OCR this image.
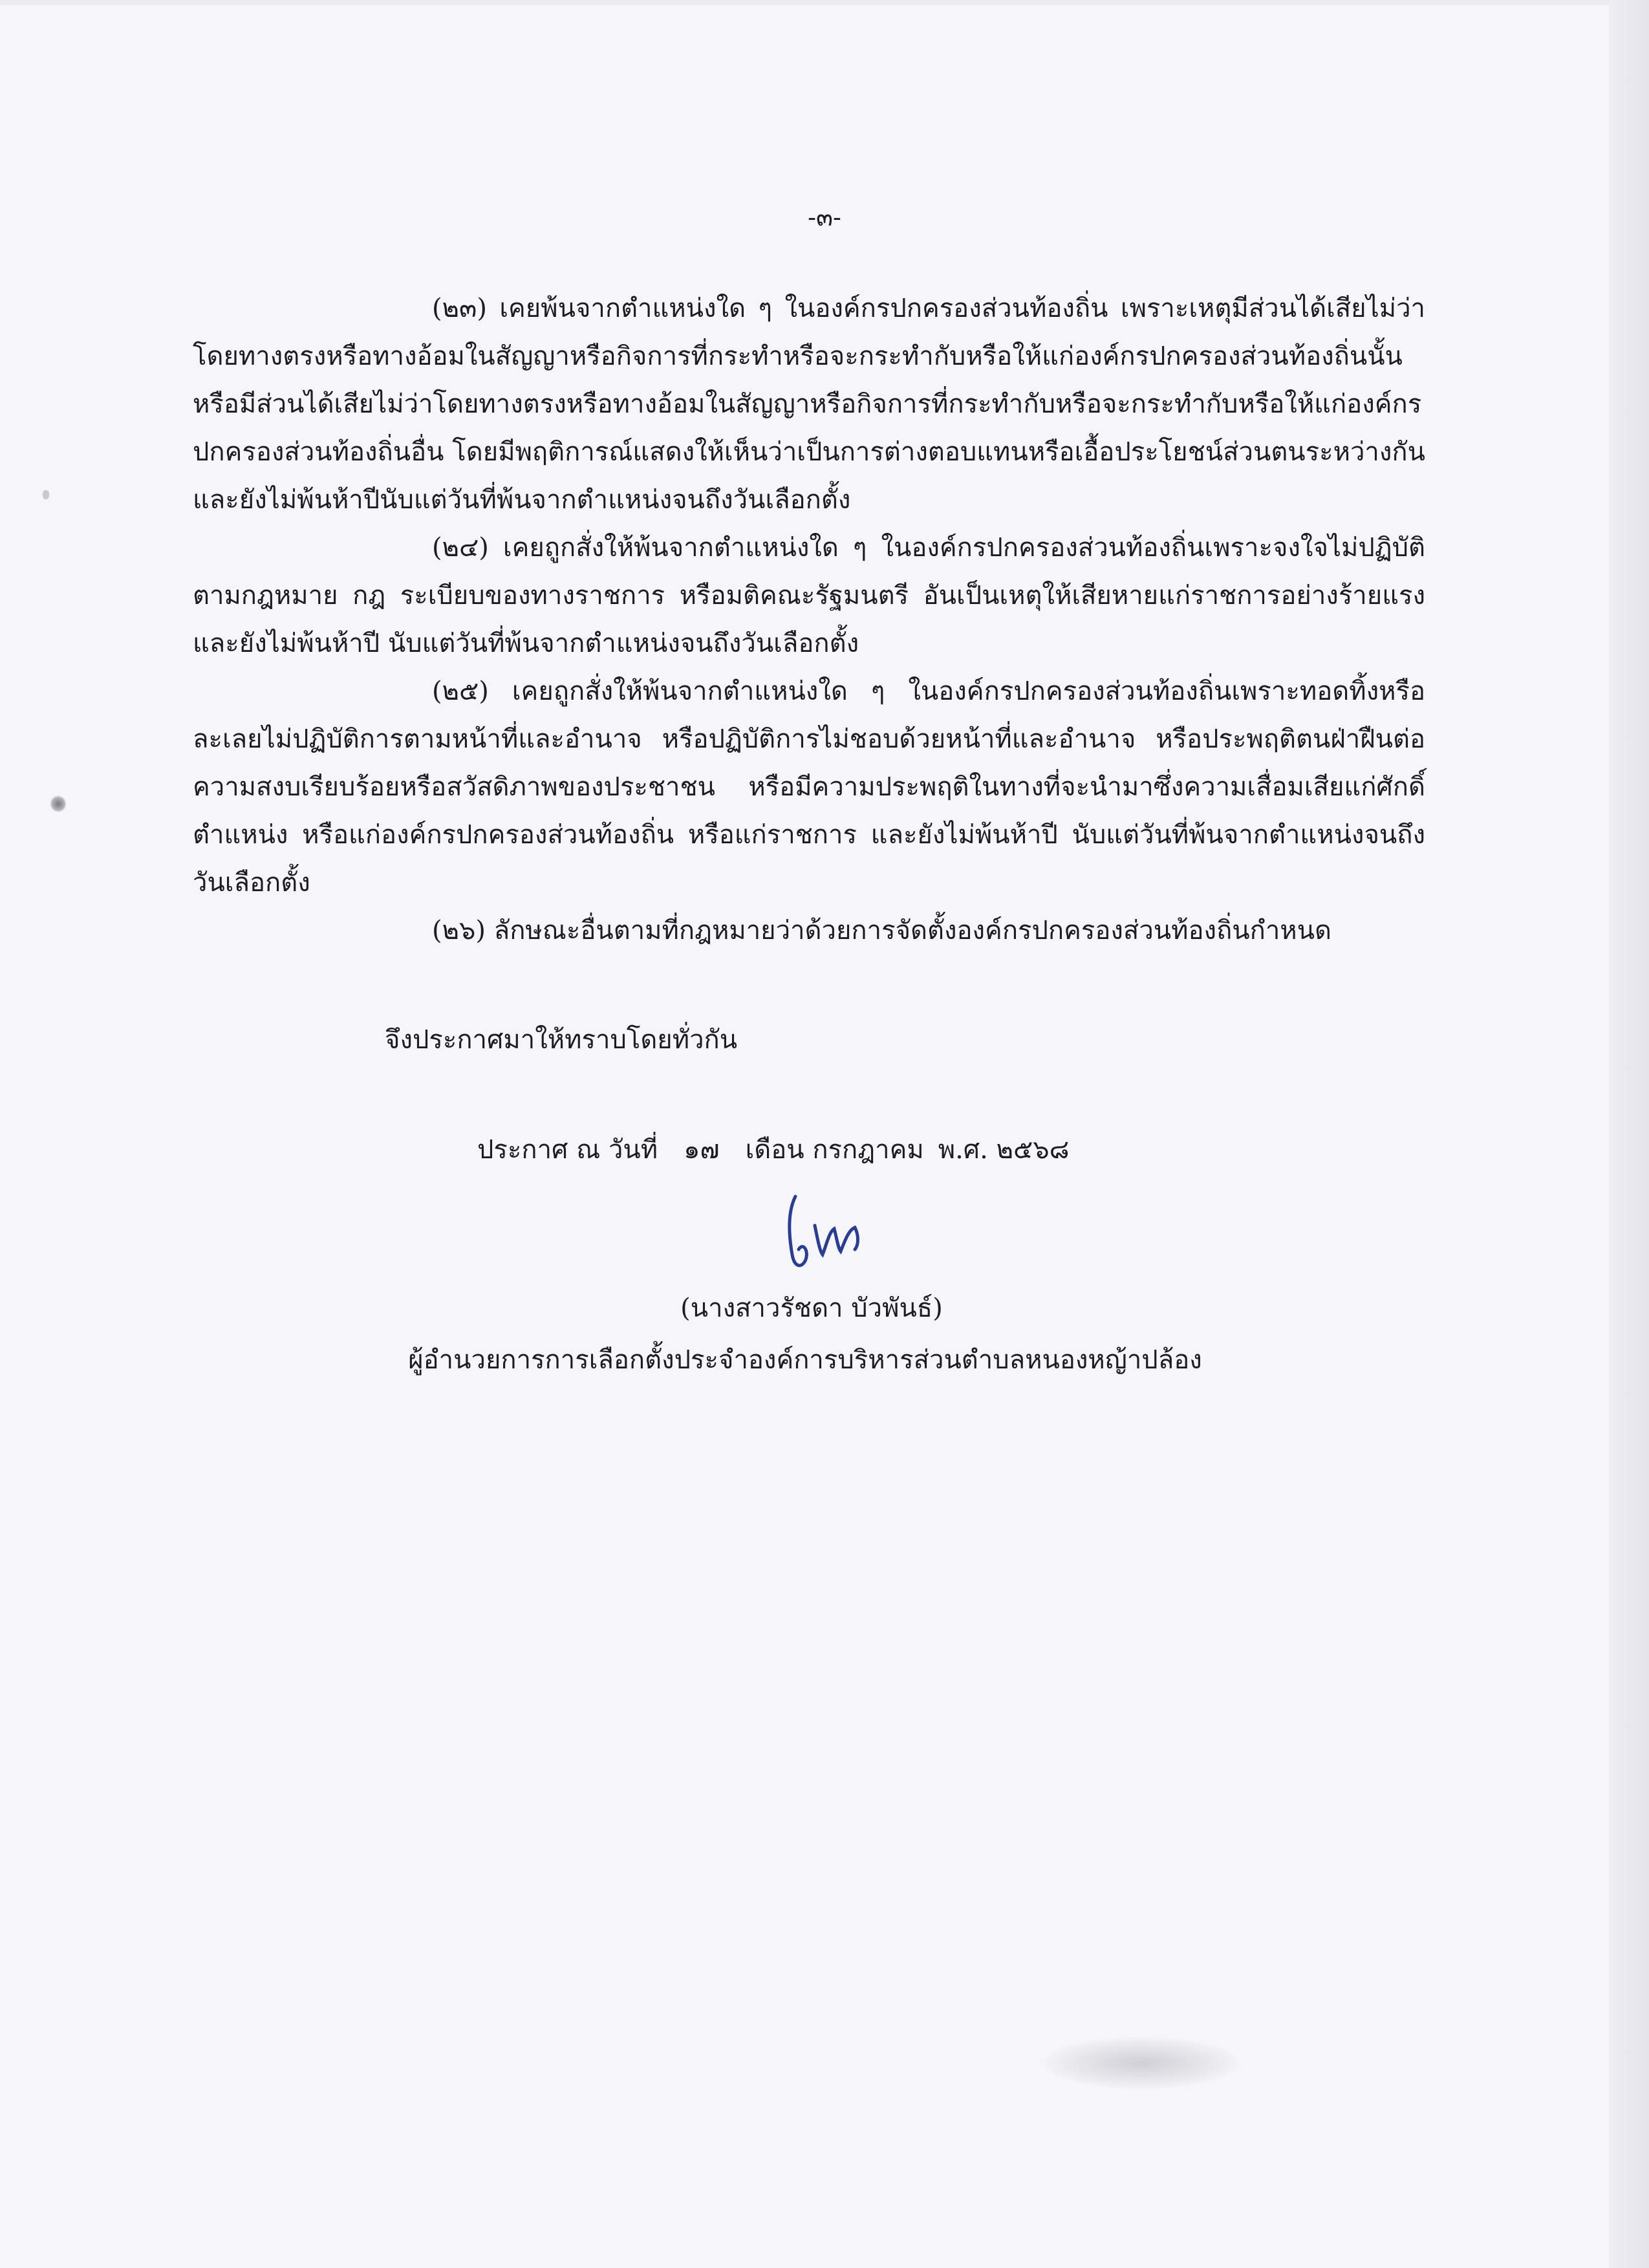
-๓-

(๒๓) เคยพ้นจากตำแหน่งใด ๆ ในองค์กรปกครองส่วนท้องถิ่น เพราะเหตุมีส่วนได้เสียไม่ว่าโดยทางตรงหรือทางอ้อมในสัญญาหรือกิจการที่กระทำหรือจะกระทำกับหรือให้แก่องค์กรปกครองส่วนท้องถิ่นนั้น หรือมีส่วนได้เสียไม่ว่าโดยทางตรงหรือทางอ้อมในสัญญาหรือกิจการที่กระทำกับหรือจะกระทำกับหรือให้แก่องค์กรปกครองส่วนท้องถิ่นอื่น โดยมีพฤติการณ์แสดงให้เห็นว่าเป็นการต่างตอบแทนหรือเอื้อประโยชน์ส่วนตนระหว่างกัน และยังไม่พ้นห้าปีนับแต่วันที่พ้นจากตำแหน่งจนถึงวันเลือกตั้ง

(๒๔) เคยถูกสั่งให้พ้นจากตำแหน่งใด ๆ ในองค์กรปกครองส่วนท้องถิ่นเพราะจงใจไม่ปฏิบัติตามกฎหมาย กฎ ระเบียบของทางราชการ หรือมติคณะรัฐมนตรี อันเป็นเหตุให้เสียหายแก่ราชการอย่างร้ายแรงและยังไม่พ้นห้าปี นับแต่วันที่พ้นจากตำแหน่งจนถึงวันเลือกตั้ง

(๒๕) เคยถูกสั่งให้พ้นจากตำแหน่งใด ๆ ในองค์กรปกครองส่วนท้องถิ่นเพราะทอดทิ้งหรือละเลยไม่ปฏิบัติการตามหน้าที่และอำนาจ หรือปฏิบัติการไม่ชอบด้วยหน้าที่และอำนาจ หรือประพฤติตนฝ่าฝืนต่อความสงบเรียบร้อยหรือสวัสดิภาพของประชาชน หรือมีความประพฤติในทางที่จะนำมาซึ่งความเสื่อมเสียแก่ศักดิ์ตำแหน่ง หรือแก่องค์กรปกครองส่วนท้องถิ่น หรือแก่ราชการ และยังไม่พ้นห้าปี นับแต่วันที่พ้นจากตำแหน่งจนถึงวันเลือกตั้ง

(๒๖) ลักษณะอื่นตามที่กฎหมายว่าด้วยการจัดตั้งองค์กรปกครองส่วนท้องถิ่นกำหนด

จึงประกาศมาให้ทราบโดยทั่วกัน
ประกาศ ณ วันที่ ๑๗ เดือน กรกฎาคม พ.ศ. ๒๕๖๘
(นางสาวรัชดา บัวพันธ์)
ผู้อำนวยการการเลือกตั้งประจำองค์การบริหารส่วนตำบลหนองหญ้าปล้อง
